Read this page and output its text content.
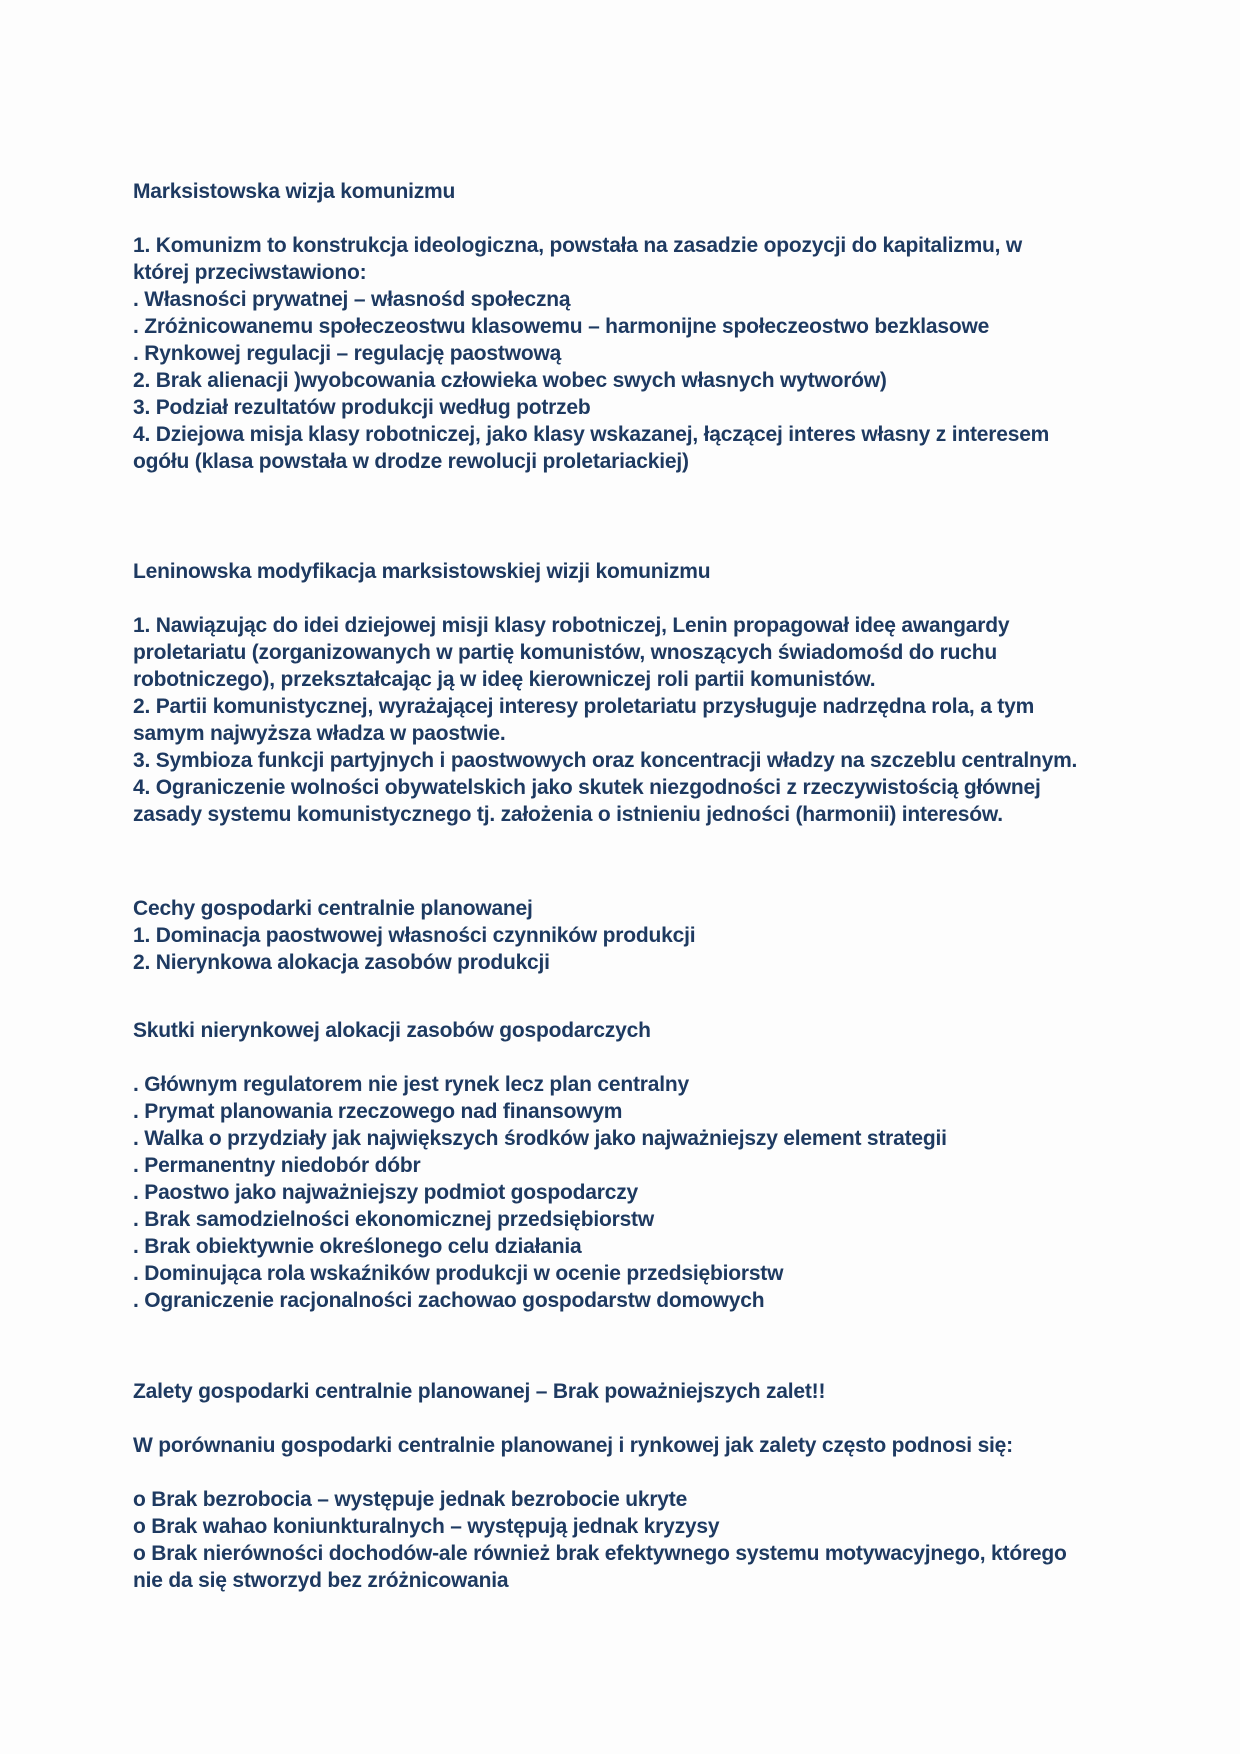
Marksistowska wizja komunizmu
1. Komunizm to konstrukcja ideologiczna, powstała na zasadzie opozycji do kapitalizmu, w
której przeciwstawiono:
. Własności prywatnej – własnośd społeczną
. Zróżnicowanemu społeczeostwu klasowemu – harmonijne społeczeostwo bezklasowe
. Rynkowej regulacji – regulację paostwową
2. Brak alienacji )wyobcowania człowieka wobec swych własnych wytworów)
3. Podział rezultatów produkcji według potrzeb
4. Dziejowa misja klasy robotniczej, jako klasy wskazanej, łączącej interes własny z interesem
ogółu (klasa powstała w drodze rewolucji proletariackiej)
Leninowska modyfikacja marksistowskiej wizji komunizmu
1. Nawiązując do idei dziejowej misji klasy robotniczej, Lenin propagował ideę awangardy
proletariatu (zorganizowanych w partię komunistów, wnoszących świadomośd do ruchu
robotniczego), przekształcając ją w ideę kierowniczej roli partii komunistów.
2. Partii komunistycznej, wyrażającej interesy proletariatu przysługuje nadrzędna rola, a tym
samym najwyższa władza w paostwie.
3. Symbioza funkcji partyjnych i paostwowych oraz koncentracji władzy na szczeblu centralnym.
4. Ograniczenie wolności obywatelskich jako skutek niezgodności z rzeczywistością głównej
zasady systemu komunistycznego tj. założenia o istnieniu jedności (harmonii) interesów.
Cechy gospodarki centralnie planowanej
1. Dominacja paostwowej własności czynników produkcji
2. Nierynkowa alokacja zasobów produkcji
Skutki nierynkowej alokacji zasobów gospodarczych
. Głównym regulatorem nie jest rynek lecz plan centralny
. Prymat planowania rzeczowego nad finansowym
. Walka o przydziały jak największych środków jako najważniejszy element strategii
. Permanentny niedobór dóbr
. Paostwo jako najważniejszy podmiot gospodarczy
. Brak samodzielności ekonomicznej przedsiębiorstw
. Brak obiektywnie określonego celu działania
. Dominująca rola wskaźników produkcji w ocenie przedsiębiorstw
. Ograniczenie racjonalności zachowao gospodarstw domowych
Zalety gospodarki centralnie planowanej – Brak poważniejszych zalet!!
W porównaniu gospodarki centralnie planowanej i rynkowej jak zalety często podnosi się:
o Brak bezrobocia – występuje jednak bezrobocie ukryte
o Brak wahao koniunkturalnych – występują jednak kryzysy
o Brak nierówności dochodów-ale również brak efektywnego systemu motywacyjnego, którego
nie da się stworzyd bez zróżnicowania
